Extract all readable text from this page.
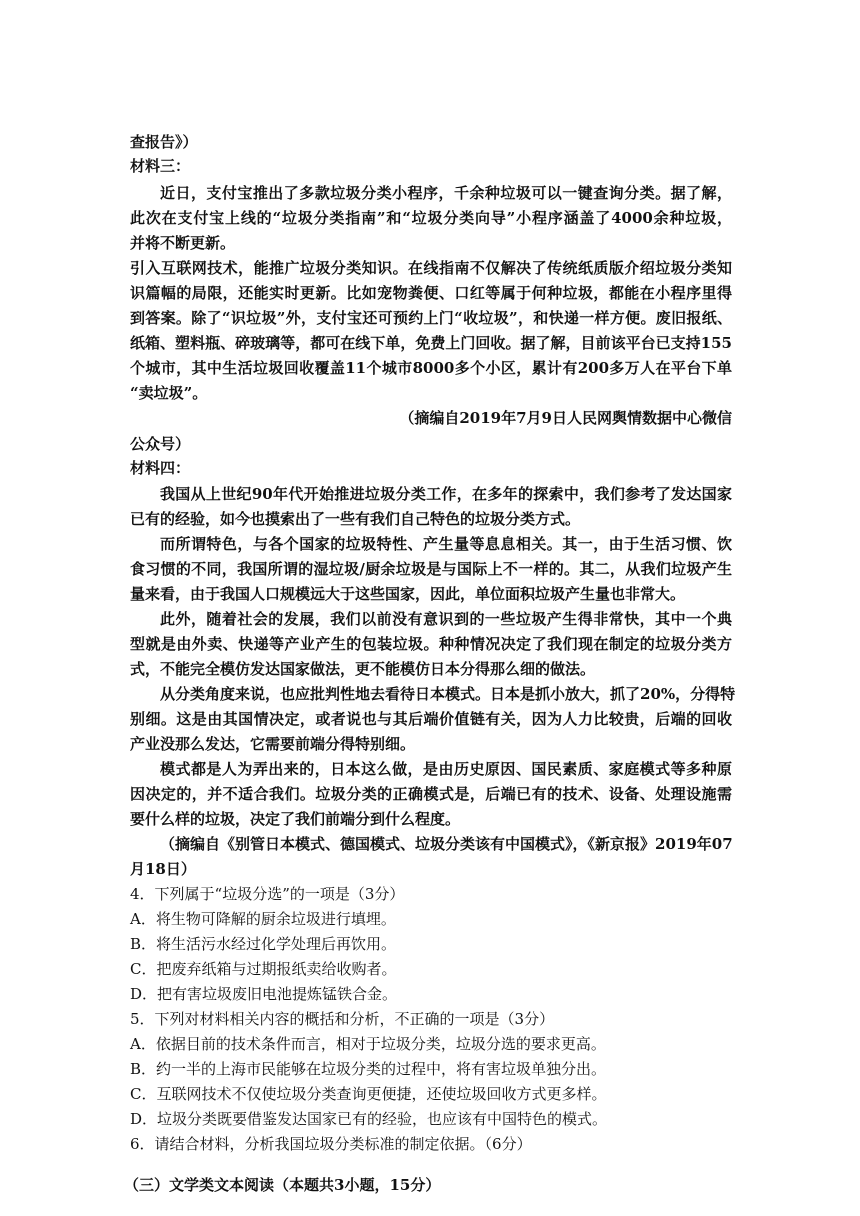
查报告》）
材料三：
近日，支付宝推出了多款垃圾分类小程序，千余种垃圾可以一键查询分类。据了解，
此次在支付宝上线的“垃圾分类指南”和“垃圾分类向导”小程序涵盖了4000余种垃圾，
并将不断更新。
引入互联网技术，能推广垃圾分类知识。在线指南不仅解决了传统纸质版介绍垃圾分类知
识篇幅的局限，还能实时更新。比如宠物粪便、口红等属于何种垃圾，都能在小程序里得
到答案。除了“识垃圾”外，支付宝还可预约上门“收垃圾”，和快递一样方便。废旧报纸、
纸箱、塑料瓶、碎玻璃等，都可在线下单，免费上门回收。据了解，目前该平台已支持155
个城市，其中生活垃圾回收覆盖11个城市8000多个小区，累计有200多万人在平台下单
“卖垃圾”。
（摘编自2019年7月9日人民网舆情数据中心微信
公众号）
材料四：
我国从上世纪90年代开始推进垃圾分类工作，在多年的探索中，我们参考了发达国家
已有的经验，如今也摸索出了一些有我们自己特色的垃圾分类方式。
而所谓特色，与各个国家的垃圾特性、产生量等息息相关。其一，由于生活习惯、饮
食习惯的不同，我国所谓的湿垃圾/厨余垃圾是与国际上不一样的。其二，从我们垃圾产生
量来看，由于我国人口规模远大于这些国家，因此，单位面积垃圾产生量也非常大。
此外，随着社会的发展，我们以前没有意识到的一些垃圾产生得非常快，其中一个典
型就是由外卖、快递等产业产生的包装垃圾。种种情况决定了我们现在制定的垃圾分类方
式，不能完全模仿发达国家做法，更不能模仿日本分得那么细的做法。
从分类角度来说，也应批判性地去看待日本模式。日本是抓小放大，抓了20%，分得特
别细。这是由其国情决定，或者说也与其后端价值链有关，因为人力比较贵，后端的回收
产业没那么发达，它需要前端分得特别细。
模式都是人为弄出来的，日本这么做，是由历史原因、国民素质、家庭模式等多种原
因决定的，并不适合我们。垃圾分类的正确模式是，后端已有的技术、设备、处理设施需
要什么样的垃圾，决定了我们前端分到什么程度。
（摘编自《别管日本模式、德国模式、垃圾分类该有中国模式》，《新京报》2019年07
月18日）
4．下列属于“垃圾分选”的一项是（3分）
A．将生物可降解的厨余垃圾进行填埋。
B．将生活污水经过化学处理后再饮用。
C．把废弃纸箱与过期报纸卖给收购者。
D．把有害垃圾废旧电池提炼锰铁合金。
5．下列对材料相关内容的概括和分析，不正确的一项是（3分）
A．依据目前的技术条件而言，相对于垃圾分类，垃圾分选的要求更高。
B．约一半的上海市民能够在垃圾分类的过程中，将有害垃圾单独分出。
C．互联网技术不仅使垃圾分类查询更便捷，还使垃圾回收方式更多样。
D．垃圾分类既要借鉴发达国家已有的经验，也应该有中国特色的模式。
6．请结合材料，分析我国垃圾分类标准的制定依据。（6分）
（三）文学类文本阅读（本题共3小题，15分）
